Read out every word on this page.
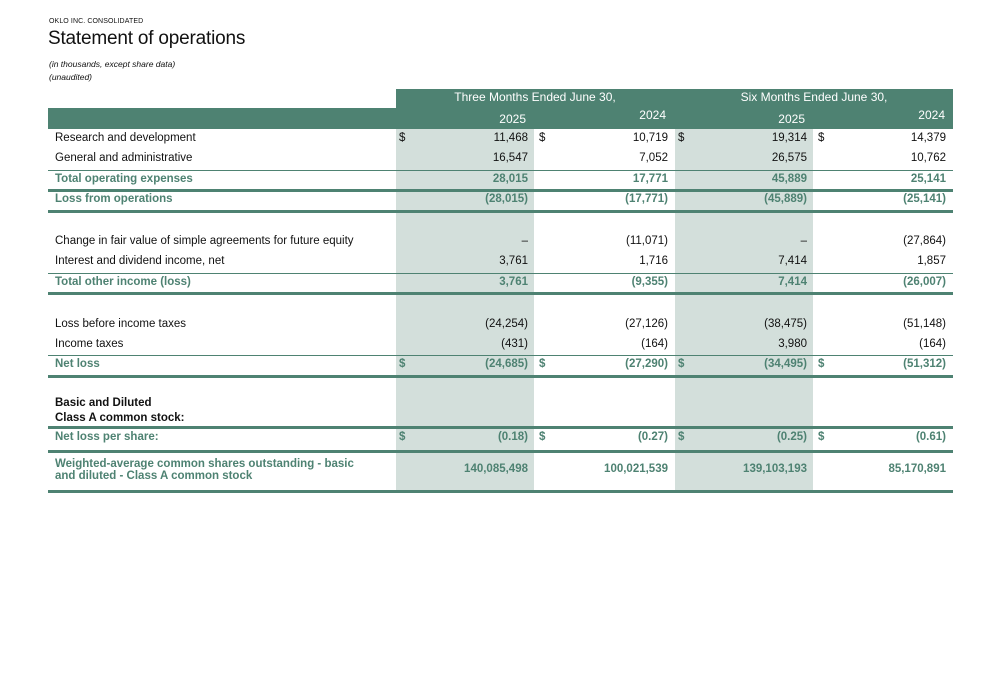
OKLO INC. CONSOLIDATED
Statement of operations
(in thousands, except share data)
(unaudited)
Three Months Ended June 30,	Six Months Ended June 30,
2025	2024	2025	2024
Research and development	$	11,468 $	10,719 $	19,314 $	14,379
General and administrative	16,547	7,052	26,575	10,762
Total operating expenses	28,015	17,771	45,889	25,141
Loss from operations	(28,015)	(17,771)	(45,889)	(25,141)
Change in fair value of simple agreements for future equity	–	(11,071)	–	(27,864)
Interest and dividend income, net	3,761	1,716	7,414	1,857
Total other income (loss)	3,761	(9,355)	7,414	(26,007)
Loss before income taxes	(24,254)	(27,126)	(38,475)	(51,148)
Income taxes	(431)	(164)	3,980	(164)
Net loss	$	(24,685) $	(27,290) $	(34,495) $	(51,312)
Basic and Diluted
Class A common stock:
Net loss per share:	$	(0.18) $	(0.27) $	(0.25) $	(0.61)
Weighted-average common shares outstanding - basic
and diluted - Class A common stock
140,085,498	100,021,539	139,103,193	85,170,891
